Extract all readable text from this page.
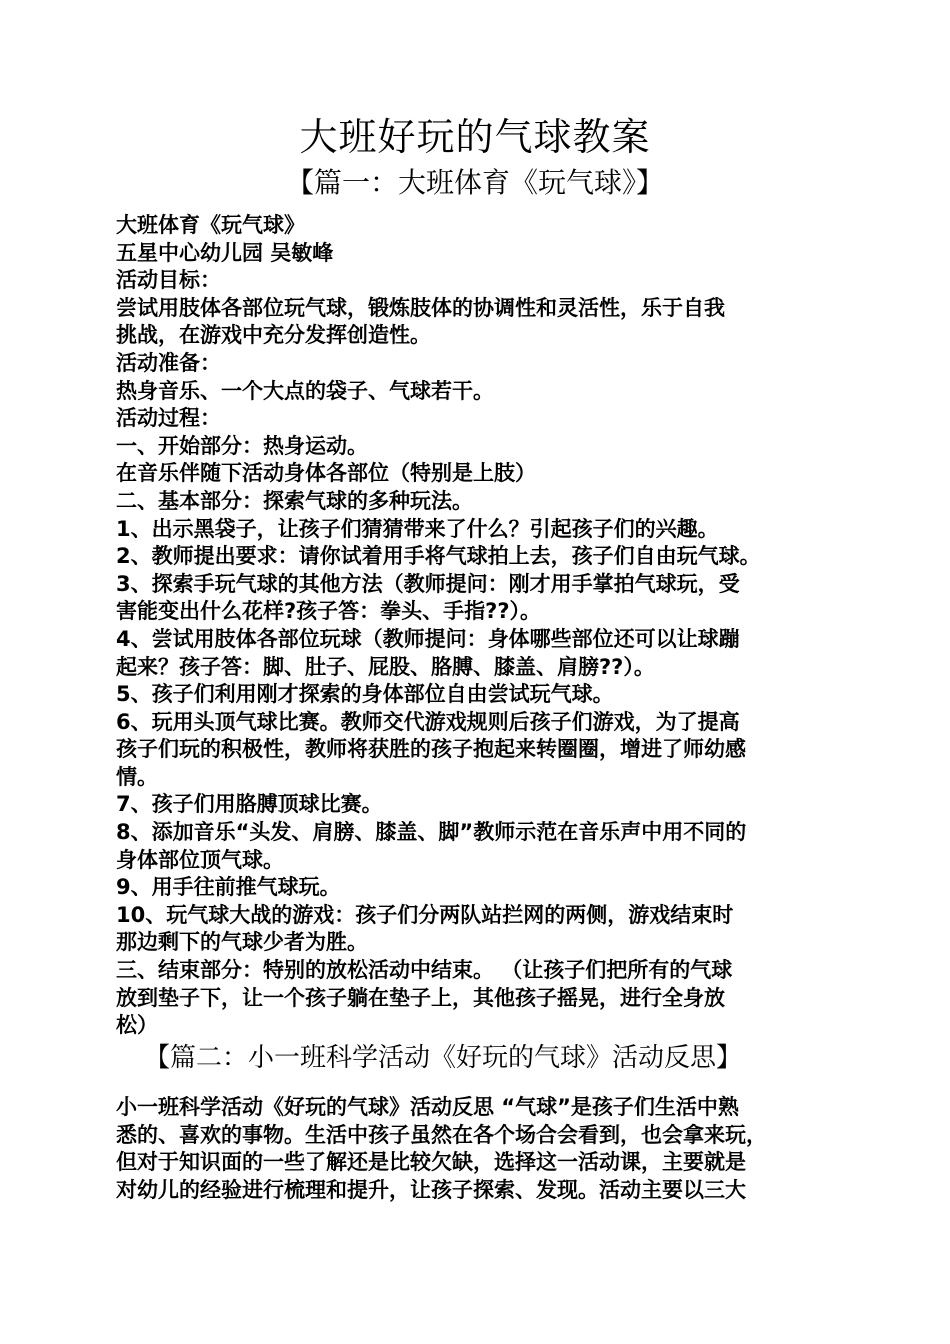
大班好玩的气球教案
【篇一：大班体育《玩气球》】
大班体育《玩气球》
五星中心幼儿园 吴敏峰
活动目标：
尝试用肢体各部位玩气球，锻炼肢体的协调性和灵活性，乐于自我
挑战，在游戏中充分发挥创造性。
活动准备：
热身音乐、一个大点的袋子、气球若干。
活动过程：
一、开始部分：热身运动。
在音乐伴随下活动身体各部位（特别是上肢）
二、基本部分：探索气球的多种玩法。
1、出示黑袋子，让孩子们猜猜带来了什么？引起孩子们的兴趣。
2、教师提出要求：请你试着用手将气球拍上去，孩子们自由玩气球。
3、探索手玩气球的其他方法（教师提问：刚才用手掌拍气球玩，受
害能变出什么花样?孩子答：拳头、手指??）。
4、尝试用肢体各部位玩球（教师提问：身体哪些部位还可以让球蹦
起来？孩子答：脚、肚子、屁股、胳膊、膝盖、肩膀??）。
5、孩子们利用刚才探索的身体部位自由尝试玩气球。
6、玩用头顶气球比赛。教师交代游戏规则后孩子们游戏，为了提高
孩子们玩的积极性，教师将获胜的孩子抱起来转圈圈，增进了师幼感
情。
7、孩子们用胳膊顶球比赛。
8、添加音乐“头发、肩膀、膝盖、脚”教师示范在音乐声中用不同的
身体部位顶气球。
9、用手往前推气球玩。
10、玩气球大战的游戏：孩子们分两队站拦网的两侧，游戏结束时
那边剩下的气球少者为胜。
三、结束部分：特别的放松活动中结束。 （让孩子们把所有的气球
放到垫子下，让一个孩子躺在垫子上，其他孩子摇晃，进行全身放
松）
【篇二：小一班科学活动《好玩的气球》活动反思】
小一班科学活动《好玩的气球》活动反思 “气球”是孩子们生活中熟
悉的、喜欢的事物。生活中孩子虽然在各个场合会看到，也会拿来玩，
但对于知识面的一些了解还是比较欠缺，选择这一活动课，主要就是
对幼儿的经验进行梳理和提升，让孩子探索、发现。活动主要以三大
